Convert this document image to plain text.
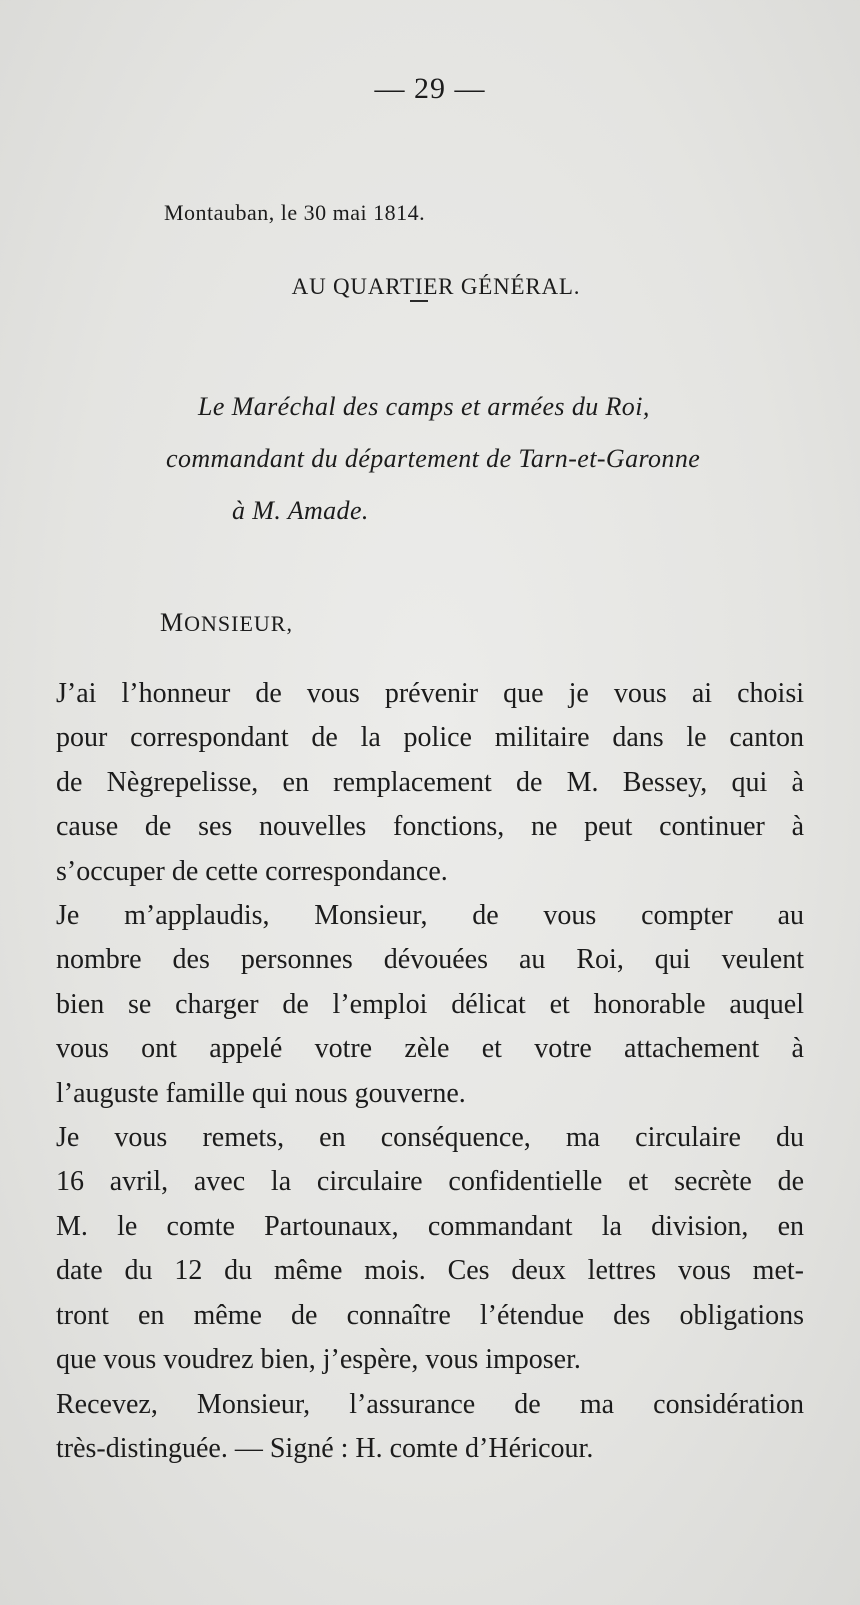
— 29 —
Montauban, le 30 mai 1814.
AU QUARTIER GÉNÉRAL.
Le Maréchal des camps et armées du Roi,
commandant du département de Tarn-et-Garonne
à M. Amade.
MONSIEUR,

J’ai l’honneur de vous prévenir que je vous ai choisi
pour correspondant de la police militaire dans le canton
de Nègrepelisse, en remplacement de M. Bessey, qui à
cause de ses nouvelles fonctions, ne peut continuer à
s’occuper de cette correspondance.

Je m’applaudis, Monsieur, de vous compter au
nombre des personnes dévouées au Roi, qui veulent
bien se charger de l’emploi délicat et honorable auquel
vous ont appelé votre zèle et votre attachement à
l’auguste famille qui nous gouverne.

Je vous remets, en conséquence, ma circulaire du
16 avril, avec la circulaire confidentielle et secrète de
M. le comte Partounaux, commandant la division, en
date du 12 du même mois. Ces deux lettres vous met-
tront en même de connaître l’étendue des obligations
que vous voudrez bien, j’espère, vous imposer.

Recevez, Monsieur, l’assurance de ma considération
très-distinguée. — Signé : H. comte d’Héricour.
